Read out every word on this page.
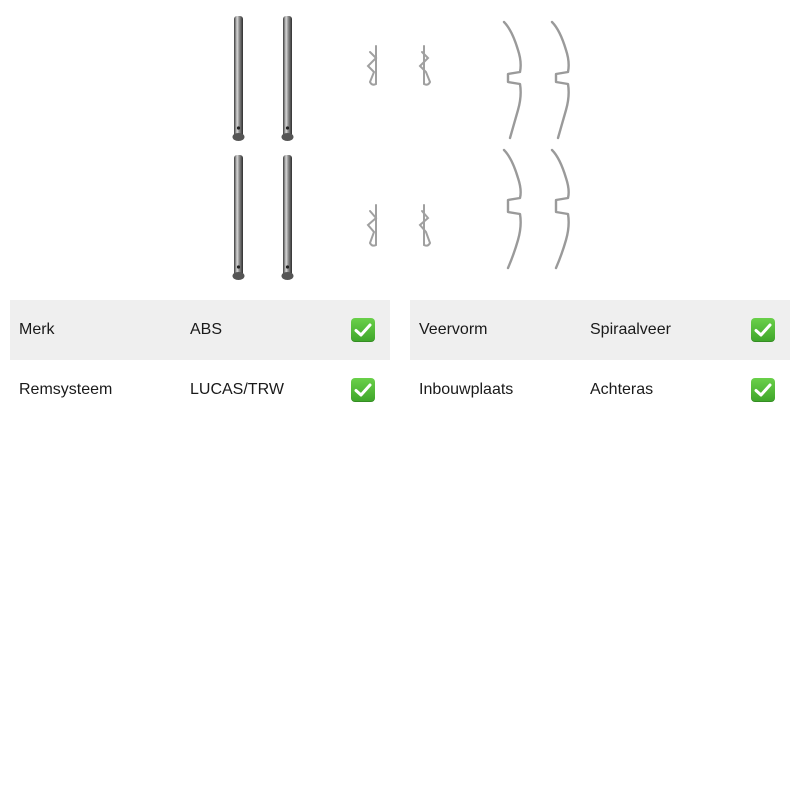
Merk	ABS
Remsysteem	LUCAS/TRW
Veervorm	Spiraalveer
Inbouwplaats	Achteras
